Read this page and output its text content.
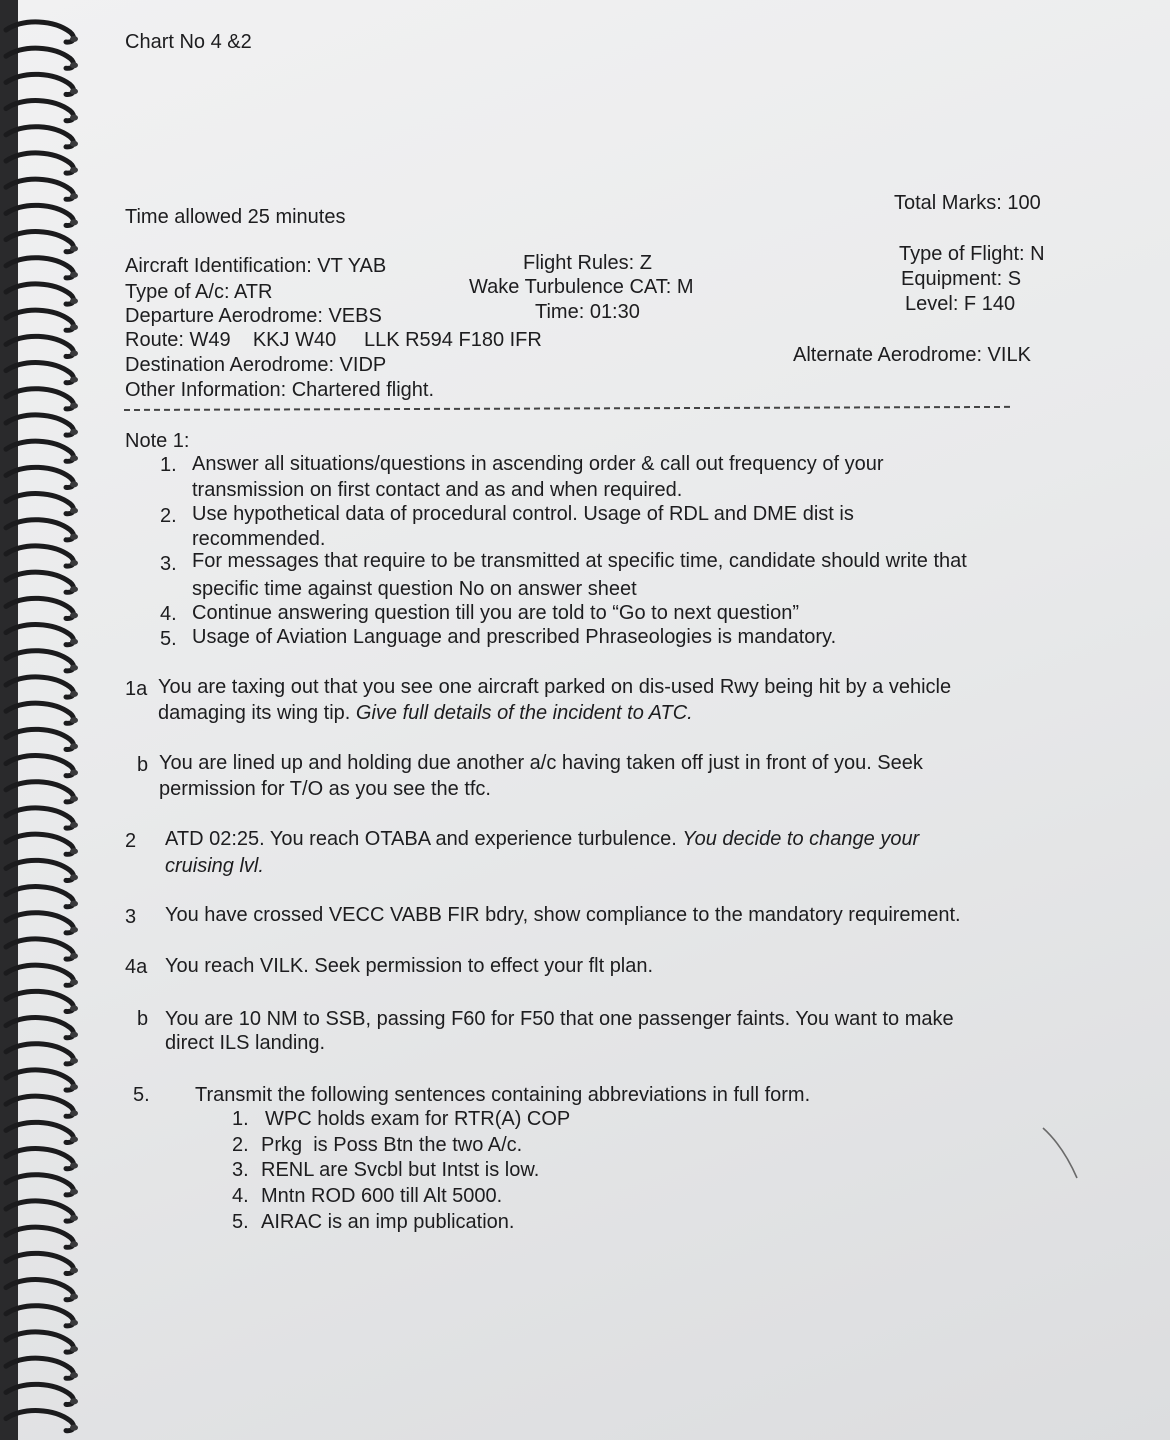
Chart No 4 &2
Time allowed 25 minutes
Total Marks: 100
Aircraft Identification: VT YAB	Flight Rules: Z	Type of Flight: N
Type of A/c: ATR	Wake Turbulence CAT: M	Equipment: S
Departure Aerodrome: VEBS	Time: 01:30	Level: F 140
Route: W49    KKJ W40     LLK R594 F180 IFR
Destination Aerodrome: VIDP	Alternate Aerodrome: VILK
Other Information: Chartered flight.
Note 1:
1. Answer all situations/questions in ascending order & call out frequency of your
transmission on first contact and as and when required.
2. Use hypothetical data of procedural control. Usage of RDL and DME dist is
recommended.
3. For messages that require to be transmitted at specific time, candidate should write that
specific time against question No on answer sheet
4. Continue answering question till you are told to “Go to next question”
5. Usage of Aviation Language and prescribed Phraseologies is mandatory.
1a You are taxing out that you see one aircraft parked on dis-used Rwy being hit by a vehicle
damaging its wing tip. Give full details of the incident to ATC.
b You are lined up and holding due another a/c having taken off just in front of you. Seek
permission for T/O as you see the tfc.
2 ATD 02:25. You reach OTABA and experience turbulence. You decide to change your
cruising lvl.
3 You have crossed VECC VABB FIR bdry, show compliance to the mandatory requirement.
4a You reach VILK. Seek permission to effect your flt plan.
b You are 10 NM to SSB, passing F60 for F50 that one passenger faints. You want to make
direct ILS landing.
5. Transmit the following sentences containing abbreviations in full form.
1. WPC holds exam for RTR(A) COP
2. Prkg  is Poss Btn the two A/c.
3. RENL are Svcbl but Intst is low.
4. Mntn ROD 600 till Alt 5000.
5. AIRAC is an imp publication.
